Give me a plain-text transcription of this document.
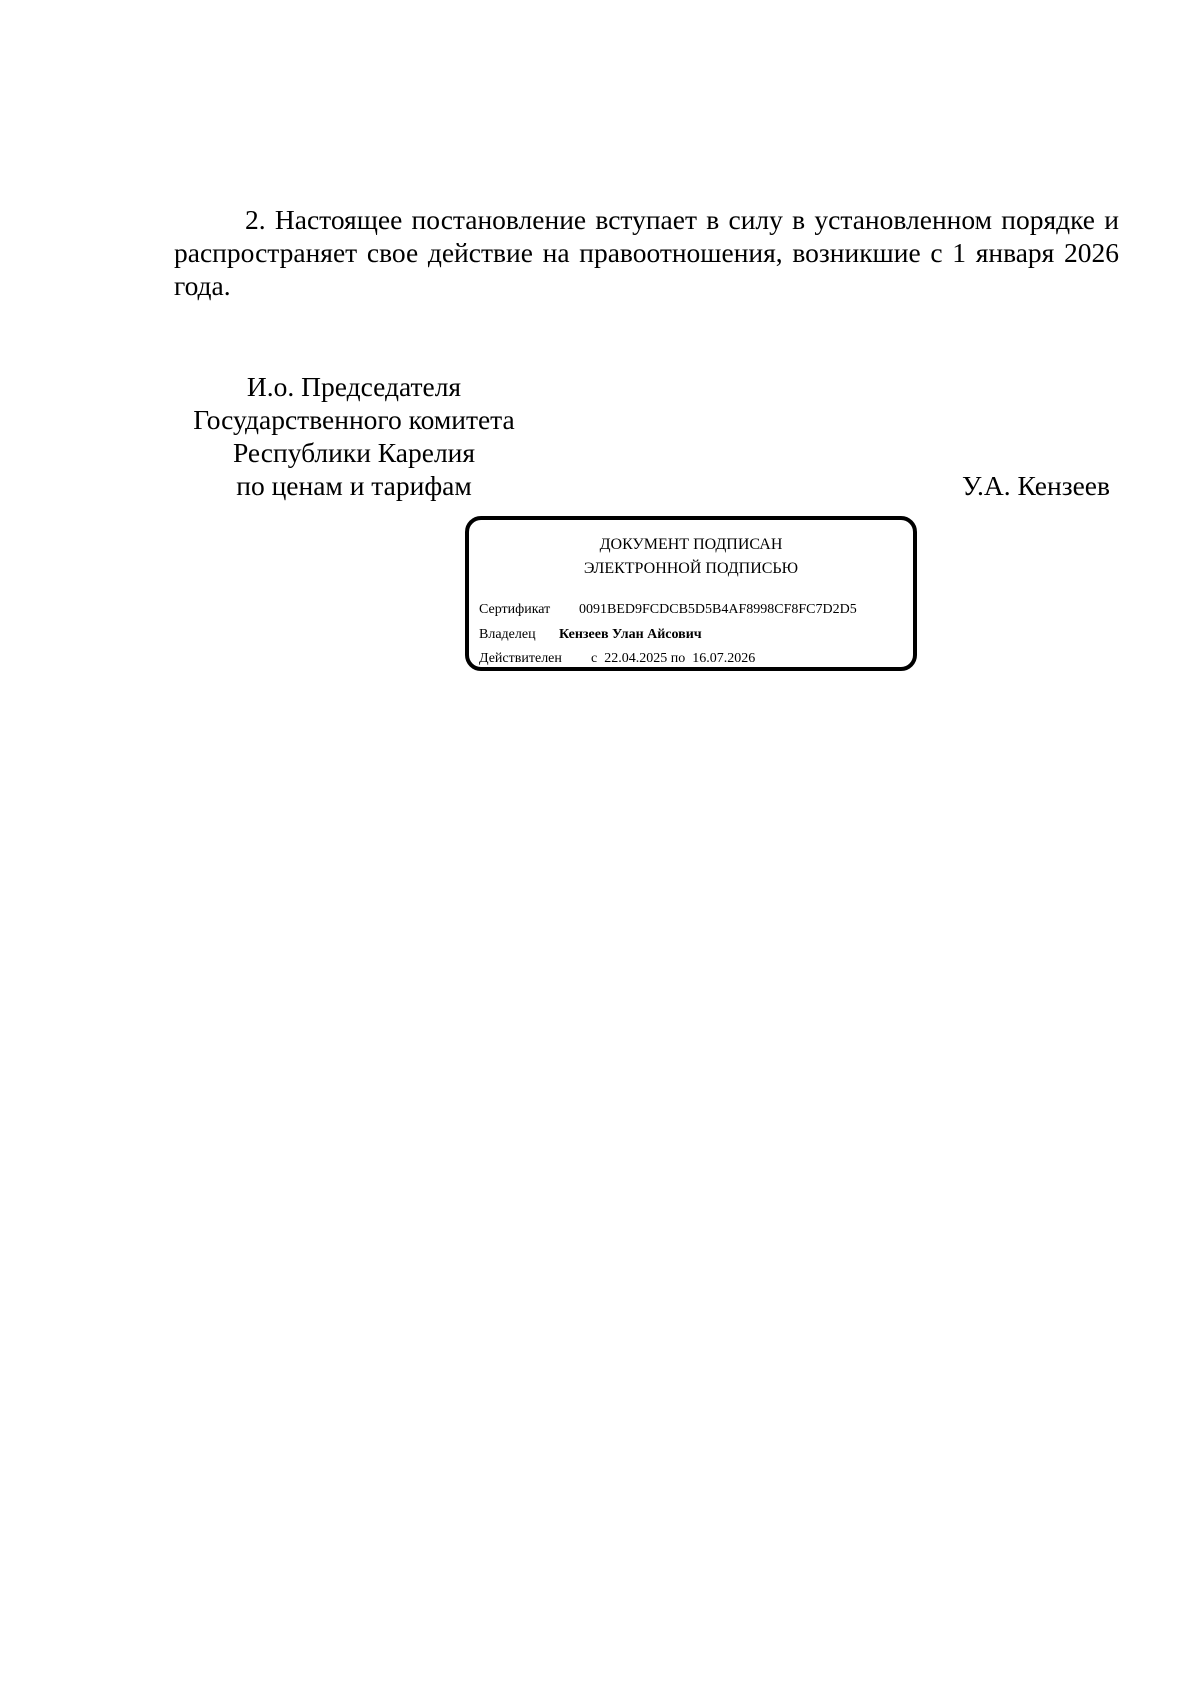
2. Настоящее постановление вступает в силу в установленном порядке и распространяет свое действие на правоотношения, возникшие с 1 января 2026 года.
И.о. Председателя
Государственного комитета
Республики Карелия
по ценам и тарифам	У.А. Кензеев
ДОКУМЕНТ ПОДПИСАН
ЭЛЕКТРОННОЙ ПОДПИСЬЮ
Сертификат 0091BED9FCDCB5D5B4AF8998CF8FC7D2D5
Владелец Кензеев Улан Айсович
Действителен с 22.04.2025 по 16.07.2026
